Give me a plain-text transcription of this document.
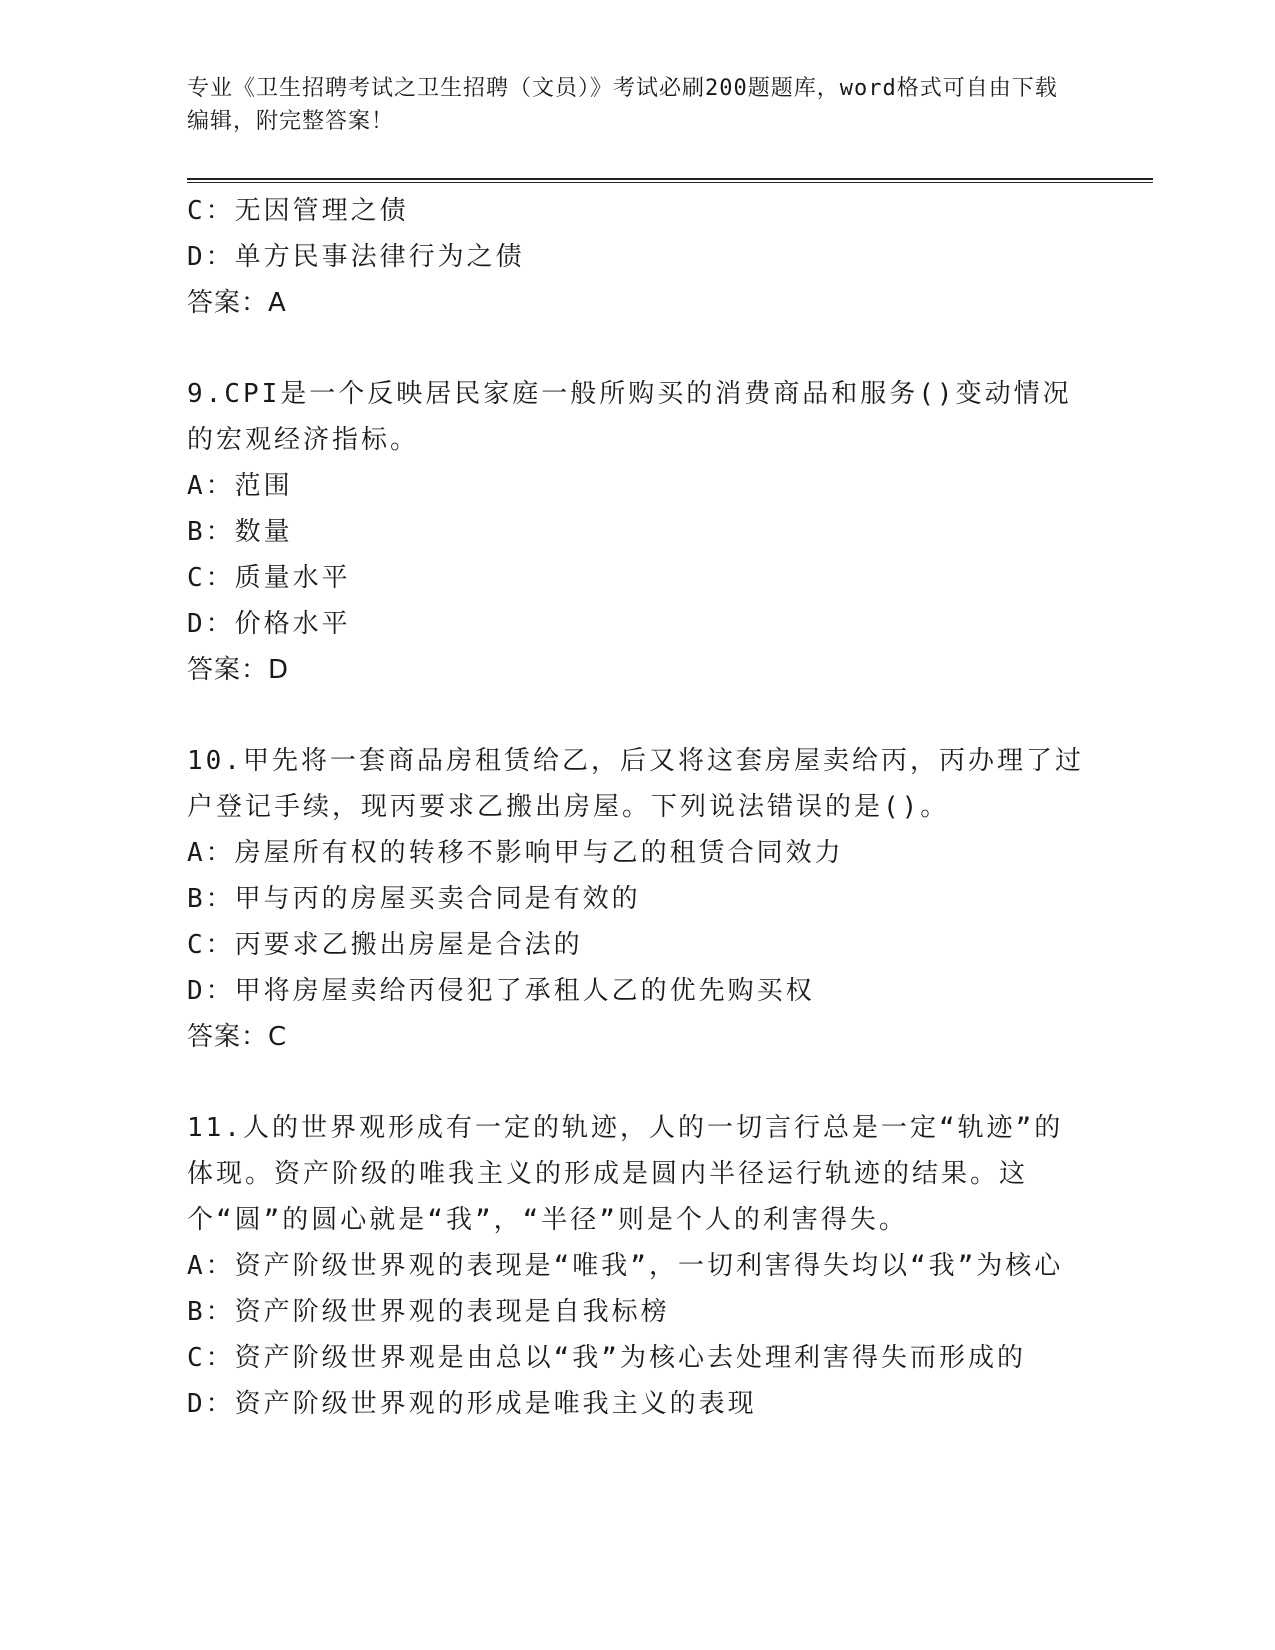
专业《卫生招聘考试之卫生招聘（文员）》考试必刷200题题库，word格式可自由下载编辑，附完整答案！
C：无因管理之债
D：单方民事法律行为之债
答案：A
9.CPI是一个反映居民家庭一般所购买的消费商品和服务()变动情况的宏观经济指标。
A：范围
B：数量
C：质量水平
D：价格水平
答案：D
10.甲先将一套商品房租赁给乙，后又将这套房屋卖给丙，丙办理了过户登记手续，现丙要求乙搬出房屋。下列说法错误的是()。
A：房屋所有权的转移不影响甲与乙的租赁合同效力
B：甲与丙的房屋买卖合同是有效的
C：丙要求乙搬出房屋是合法的
D：甲将房屋卖给丙侵犯了承租人乙的优先购买权
答案：C
11.人的世界观形成有一定的轨迹，人的一切言行总是一定“轨迹”的体现。资产阶级的唯我主义的形成是圆内半径运行轨迹的结果。这个“圆”的圆心就是“我”，“半径”则是个人的利害得失。
A：资产阶级世界观的表现是“唯我”，一切利害得失均以“我”为核心
B：资产阶级世界观的表现是自我标榜
C：资产阶级世界观是由总以“我”为核心去处理利害得失而形成的
D：资产阶级世界观的形成是唯我主义的表现
